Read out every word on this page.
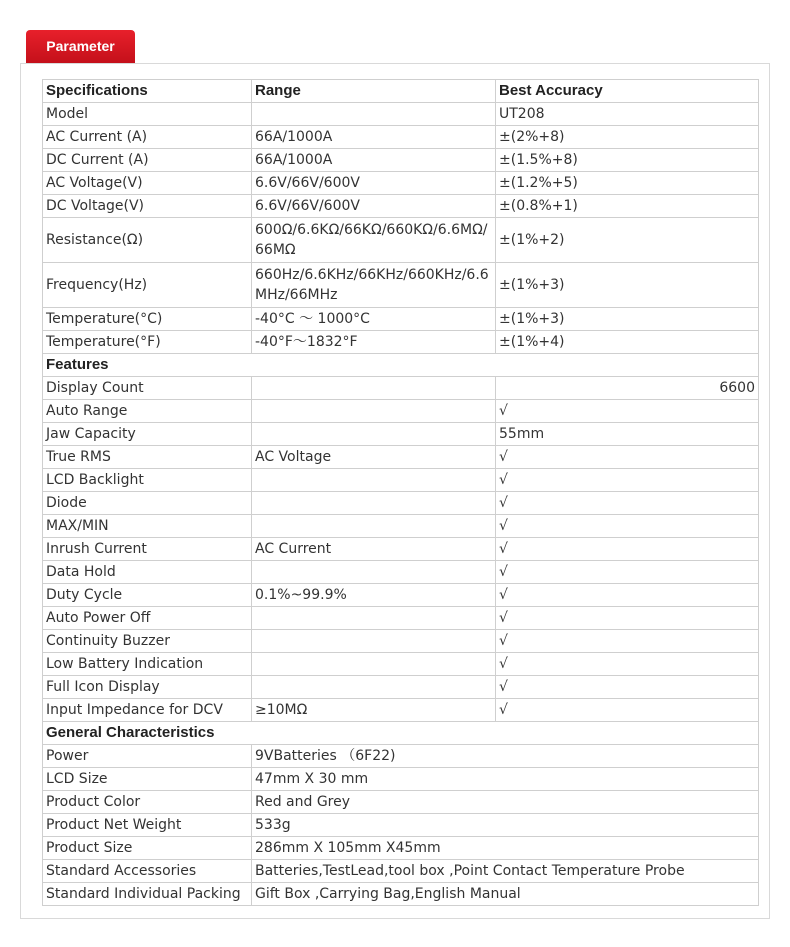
Parameter
Specifications	Range	Best Accuracy
Model		UT208
AC Current (A)	66A/1000A	±(2%+8)
DC Current (A)	66A/1000A	±(1.5%+8)
AC Voltage(V)	6.6V/66V/600V	±(1.2%+5)
DC Voltage(V)	6.6V/66V/600V	±(0.8%+1)
Resistance(Ω)	600Ω/6.6KΩ/66KΩ/660KΩ/6.6MΩ/66MΩ	±(1%+2)
Frequency(Hz)	660Hz/6.6KHz/66KHz/660KHz/6.6MHz/66MHz	±(1%+3)
Temperature(°C)	-40°C ～ 1000°C	±(1%+3)
Temperature(°F)	-40°F～1832°F	±(1%+4)
Features		
Display Count		6600
Auto Range		√
Jaw Capacity		55mm
True RMS	AC Voltage	√
LCD Backlight		√
Diode		√
MAX/MIN		√
Inrush Current	AC Current	√
Data Hold		√
Duty Cycle	0.1%~99.9%	√
Auto Power Off		√
Continuity Buzzer		√
Low Battery Indication		√
Full Icon Display		√
Input Impedance for DCV	≥10MΩ	√
General Characteristics		
Power	9VBatteries （6F22)	
LCD Size	47mm X 30 mm	
Product Color	Red and Grey	
Product Net Weight	533g	
Product Size	286mm X 105mm X45mm	
Standard Accessories	Batteries,TestLead,tool box ,Point Contact Temperature Probe	
Standard Individual Packing	Gift Box ,Carrying Bag,English Manual	
